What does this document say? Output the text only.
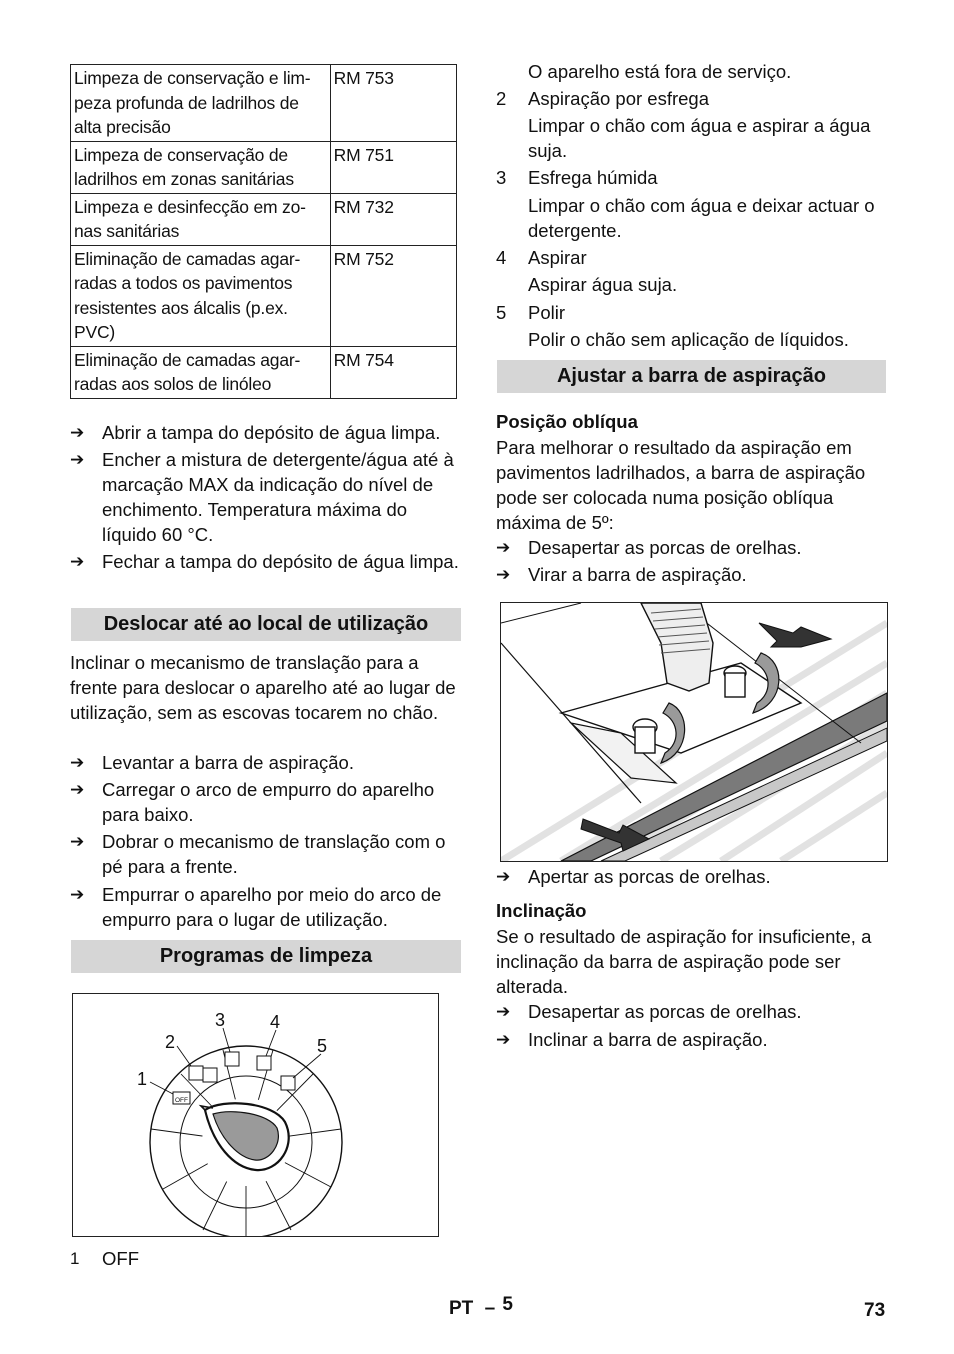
Limpeza de conservação e lim-
peza profunda de ladrilhos de
alta precisão	RM 753

Limpeza de conservação de
ladrilhos em zonas sanitárias	RM 751

Limpeza e desinfecção em zo-
nas sanitárias	RM 732

Eliminação de camadas agar-
radas a todos os pavimentos
resistentes aos álcalis (p.ex.
PVC)	RM 752

Eliminação de camadas agar-
radas aos solos de linóleo	RM 754
➔ Abrir a tampa do depósito de água limpa.
➔ Encher a mistura de detergente/água até à marcação MAX da indicação do nível de enchimento. Temperatura máxima do líquido 60 °C.
➔ Fechar a tampa do depósito de água limpa.
Deslocar até ao local de utilização
Inclinar o mecanismo de translação para a frente para deslocar o aparelho até ao lugar de utilização, sem as escovas tocarem no chão.
➔ Levantar a barra de aspiração.
➔ Carregar o arco de empurro do aparelho para baixo.
➔ Dobrar o mecanismo de translação com o pé para a frente.
➔ Empurrar o aparelho por meio do arco de empurro para o lugar de utilização.
Programas de limpeza
OFF
1
2
3 4
5
1	OFF
O aparelho está fora de serviço.
2	Aspiração por esfrega
Limpar o chão com água e aspirar a água suja.
3	Esfrega húmida
Limpar o chão com água e deixar actuar o detergente.
4	Aspirar
Aspirar água suja.
5	Polir
Polir o chão sem aplicação de líquidos.
Ajustar a barra de aspiração
Posição oblíqua
Para melhorar o resultado da aspiração em pavimentos ladrilhados, a barra de aspiração pode ser colocada numa posição oblíqua máxima de 5º:
➔ Desapertar as porcas de orelhas.
➔ Virar a barra de aspiração.
➔ Apertar as porcas de orelhas.
Inclinação
Se o resultado de aspiração for insuficiente, a inclinação da barra de aspiração pode ser alterada.
➔ Desapertar as porcas de orelhas.
➔ Inclinar a barra de aspiração.
PT – 5	73
